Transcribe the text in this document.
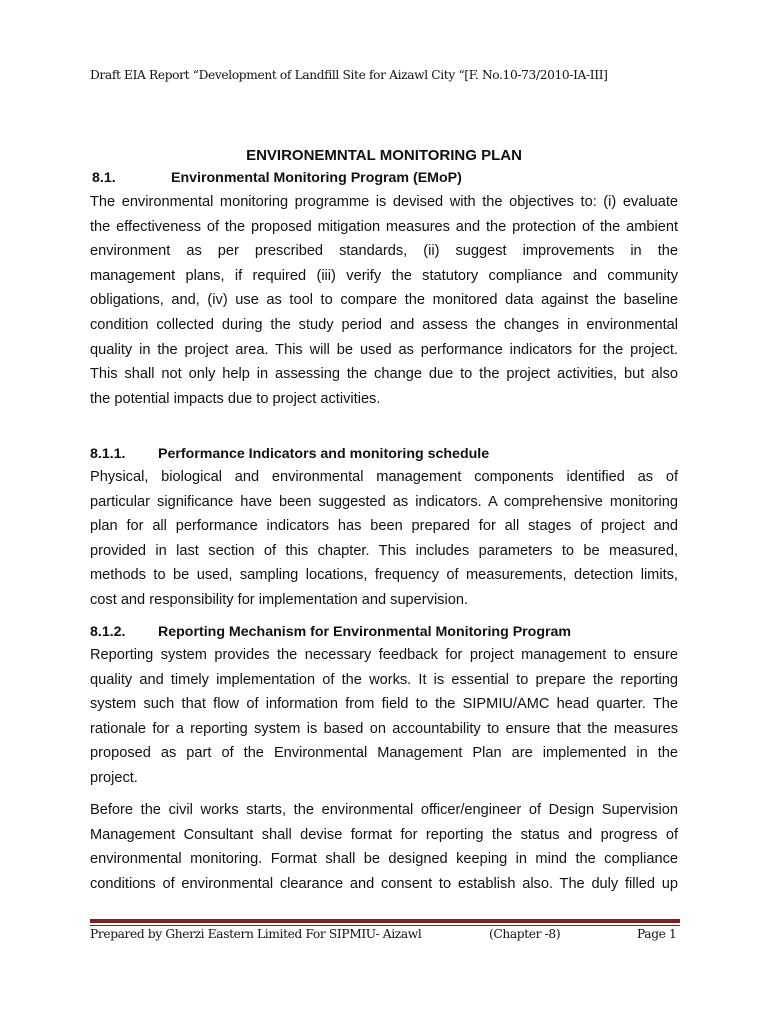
Draft EIA Report “Development of Landfill Site for Aizawl City “[F. No.10-73/2010-IA-III]
ENVIRONEMNTAL MONITORING PLAN
8.1.	Environmental Monitoring Program (EMoP)
The environmental monitoring programme is devised with the objectives to: (i) evaluate
the effectiveness of the proposed mitigation measures and the protection of the ambient
environment as per prescribed standards, (ii) suggest improvements in the
management plans, if required (iii) verify the statutory compliance and community
obligations, and, (iv) use as tool to compare the monitored data against the baseline
condition collected during the study period and assess the changes in environmental
quality in the project area. This will be used as performance indicators for the project.
This shall not only help in assessing the change due to the project activities, but also
the potential impacts due to project activities.
8.1.1. Performance Indicators and monitoring schedule
Physical, biological and environmental management components identified as of
particular significance have been suggested as indicators. A comprehensive monitoring
plan for all performance indicators has been prepared for all stages of project and
provided in last section of this chapter. This includes parameters to be measured,
methods to be used, sampling locations, frequency of measurements, detection limits,
cost and responsibility for implementation and supervision.
8.1.2. Reporting Mechanism for Environmental Monitoring Program
Reporting system provides the necessary feedback for project management to ensure
quality and timely implementation of the works. It is essential to prepare the reporting
system such that flow of information from field to the SIPMIU/AMC head quarter. The
rationale for a reporting system is based on accountability to ensure that the measures
proposed as part of the Environmental Management Plan are implemented in the
project.
Before the civil works starts, the environmental officer/engineer of Design Supervision
Management Consultant shall devise format for reporting the status and progress of
environmental monitoring. Format shall be designed keeping in mind the compliance
conditions of environmental clearance and consent to establish also. The duly filled up
Prepared by Gherzi Eastern Limited For SIPMIU- Aizawl	(Chapter -8)	Page 1
